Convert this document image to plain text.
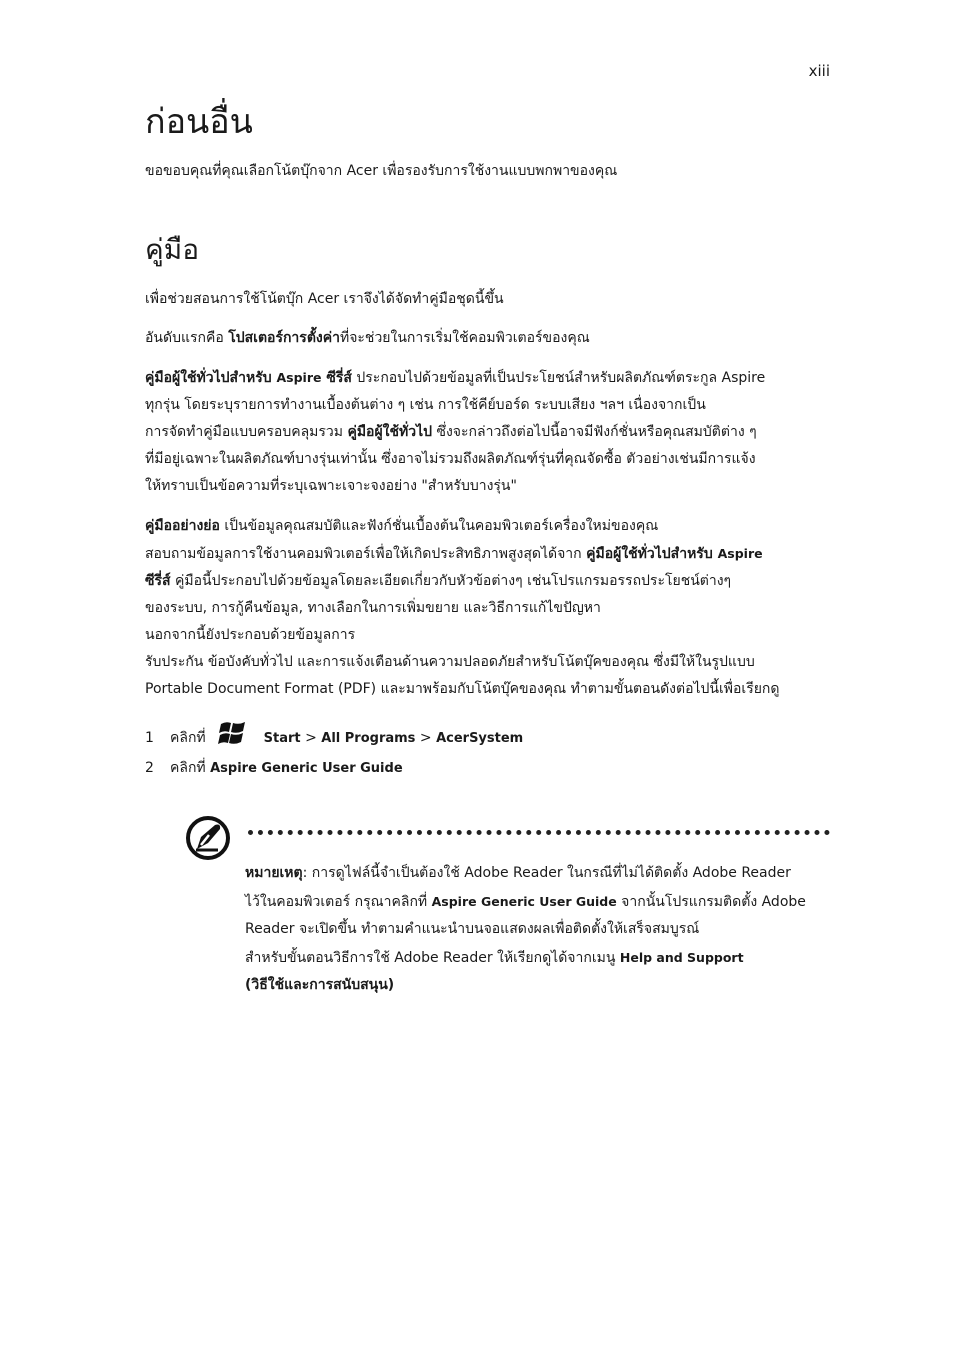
xiii
ก่อนอื่น

ขอขอบคุณที่คุณเลือกโน้ตบุ๊กจาก Acer เพื่อรองรับการใช้งานแบบพกพาของคุณ

คู่มือ

เพื่อช่วยสอนการใช้โน้ตบุ๊ก Acer เราจึงได้จัดทำคู่มือชุดนี้ขึ้น

อันดับแรกคือ โปสเตอร์การตั้งค่าที่จะช่วยในการเริ่มใช้คอมพิวเตอร์ของคุณ

คู่มือผู้ใช้ทั่วไปสำหรับ Aspire ซีรี่ส์ ประกอบไปด้วยข้อมูลที่เป็นประโยชน์สำหรับผลิตภัณฑ์ตระกูล Aspire
ทุกรุ่น โดยระบุรายการทำงานเบื้องต้นต่าง ๆ เช่น การใช้คีย์บอร์ด ระบบเสียง ฯลฯ เนื่องจากเป็น
การจัดทำคู่มือแบบครอบคลุมรวม คู่มือผู้ใช้ทั่วไป ซึ่งจะกล่าวถึงต่อไปนี้อาจมีฟังก์ชั่นหรือคุณสมบัติต่าง ๆ
ที่มีอยู่เฉพาะในผลิตภัณฑ์บางรุ่นเท่านั้น ซึ่งอาจไม่รวมถึงผลิตภัณฑ์รุ่นที่คุณจัดซื้อ ตัวอย่างเช่นมีการแจ้ง
ให้ทราบเป็นข้อความที่ระบุเฉพาะเจาะจงอย่าง "สำหรับบางรุ่น"
คู่มืออย่างย่อ เป็นข้อมูลคุณสมบัติและฟังก์ชั่นเบื้องต้นในคอมพิวเตอร์เครื่องใหม่ของคุณ
สอบถามข้อมูลการใช้งานคอมพิวเตอร์เพื่อให้เกิดประสิทธิภาพสูงสุดได้จาก คู่มือผู้ใช้ทั่วไปสำหรับ Aspire
ซีรี่ส์ คู่มือนี้ประกอบไปด้วยข้อมูลโดยละเอียดเกี่ยวกับหัวข้อต่างๆ เช่นโปรแกรมอรรถประโยชน์ต่างๆ
ของระบบ, การกู้คืนข้อมูล, ทางเลือกในการเพิ่มขยาย และวิธีการแก้ไขปัญหา
นอกจากนี้ยังประกอบด้วยข้อมูลการ
รับประกัน ข้อบังคับทั่วไป และการแจ้งเตือนด้านความปลอดภัยสำหรับโน้ตบุ๊คของคุณ ซึ่งมีให้ในรูปแบบ
Portable Document Format (PDF) และมาพร้อมกับโน้ตบุ๊คของคุณ ทำตามขั้นตอนดังต่อไปนี้เพื่อเรียกดู
1	คลิกที่	Start > All Programs > AcerSystem
2	คลิกที่ Aspire Generic User Guide
หมายเหตุ: การดูไฟล์นี้จำเป็นต้องใช้ Adobe Reader ในกรณีที่ไม่ได้ติดตั้ง Adobe Reader
ไว้ในคอมพิวเตอร์ กรุณาคลิกที่ Aspire Generic User Guide จากนั้นโปรแกรมติดตั้ง Adobe
Reader จะเปิดขึ้น ทำตามคำแนะนำบนจอแสดงผลเพื่อติดตั้งให้เสร็จสมบูรณ์
สำหรับขั้นตอนวิธีการใช้ Adobe Reader ให้เรียกดูได้จากเมนู Help and Support
(วิธีใช้และการสนับสนุน)
